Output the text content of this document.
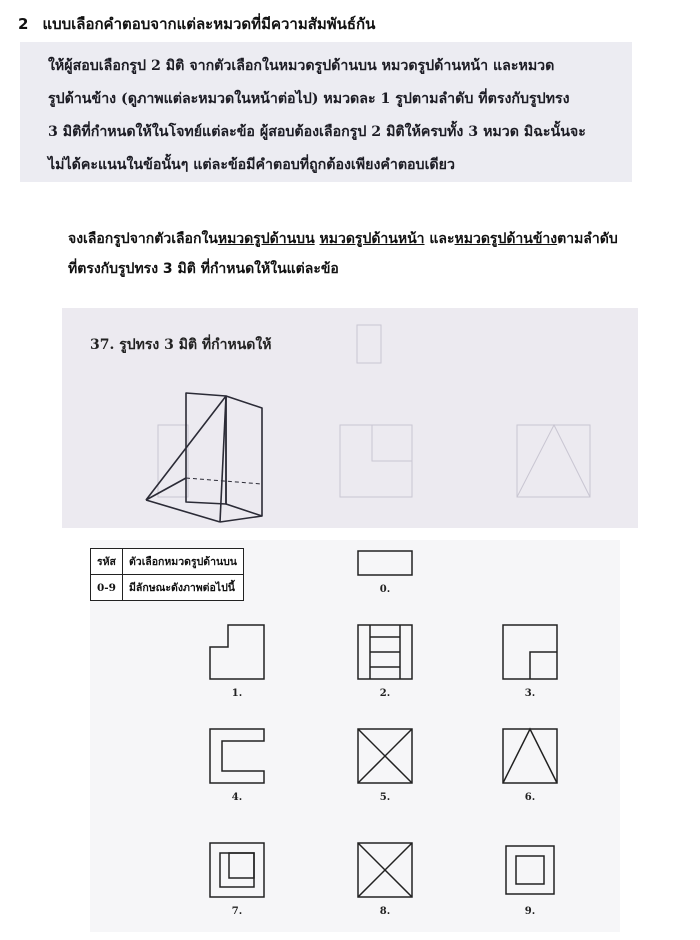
2 แบบเลือกคำตอบจากแต่ละหมวดที่มีความสัมพันธ์กัน

ให้ผู้สอบเลือกรูป 2 มิติ จากตัวเลือกในหมวดรูปด้านบน หมวดรูปด้านหน้า และหมวด

รูปด้านข้าง (ดูภาพแต่ละหมวดในหน้าต่อไป) หมวดละ 1 รูปตามลำดับ ที่ตรงกับรูปทรง

3 มิติที่กำหนดให้ในโจทย์แต่ละข้อ ผู้สอบต้องเลือกรูป 2 มิติให้ครบทั้ง 3 หมวด มิฉะนั้นจะ

ไม่ได้คะแนนในข้อนั้นๆ แต่ละข้อมีคำตอบที่ถูกต้องเพียงคำตอบเดียว

จงเลือกรูปจากตัวเลือกในหมวดรูปด้านบน หมวดรูปด้านหน้า และหมวดรูปด้านข้างตามลำดับ

ที่ตรงกับรูปทรง 3 มิติ ที่กำหนดให้ในแต่ละข้อ

37. รูปทรง 3 มิติ ที่กำหนดให้
รหัส	ตัวเลือกหมวดรูปด้านบน
0-9	มีลักษณะดังภาพต่อไปนี้	0.
1.	2.	3.
4.	5.	6.
7.	8.	9.
